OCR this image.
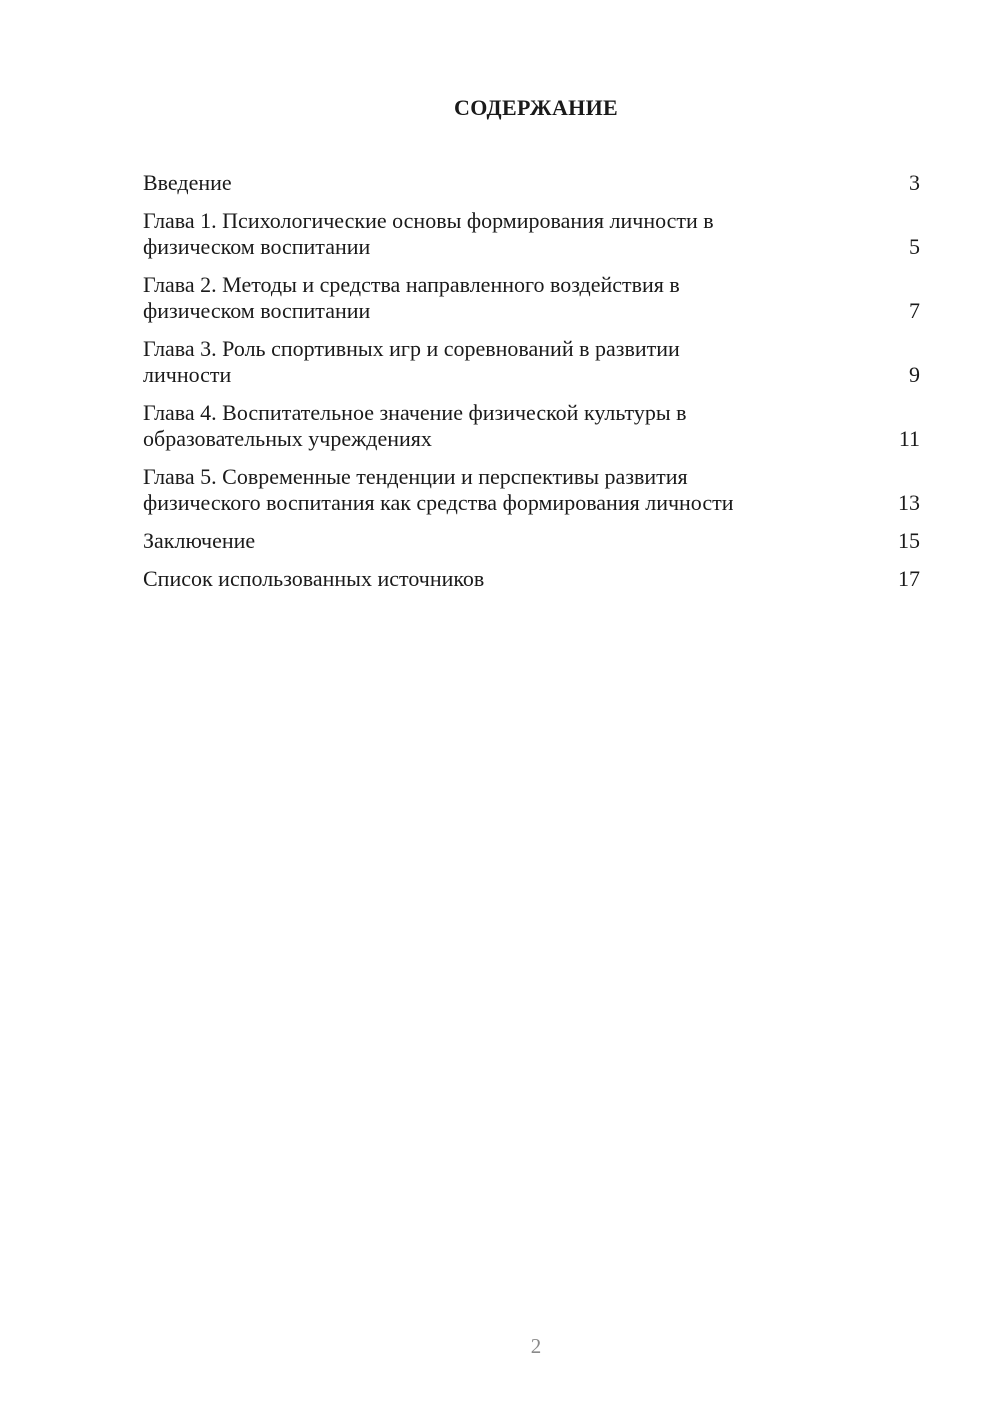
СОДЕРЖАНИЕ
Введение	3
Глава 1. Психологические основы формирования личности в
физическом воспитании	5
Глава 2. Методы и средства направленного воздействия в
физическом воспитании	7
Глава 3. Роль спортивных игр и соревнований в развитии
личности	9
Глава 4. Воспитательное значение физической культуры в
образовательных учреждениях	11
Глава 5. Современные тенденции и перспективы развития
физического воспитания как средства формирования личности	13
Заключение	15
Список использованных источников	17
2
